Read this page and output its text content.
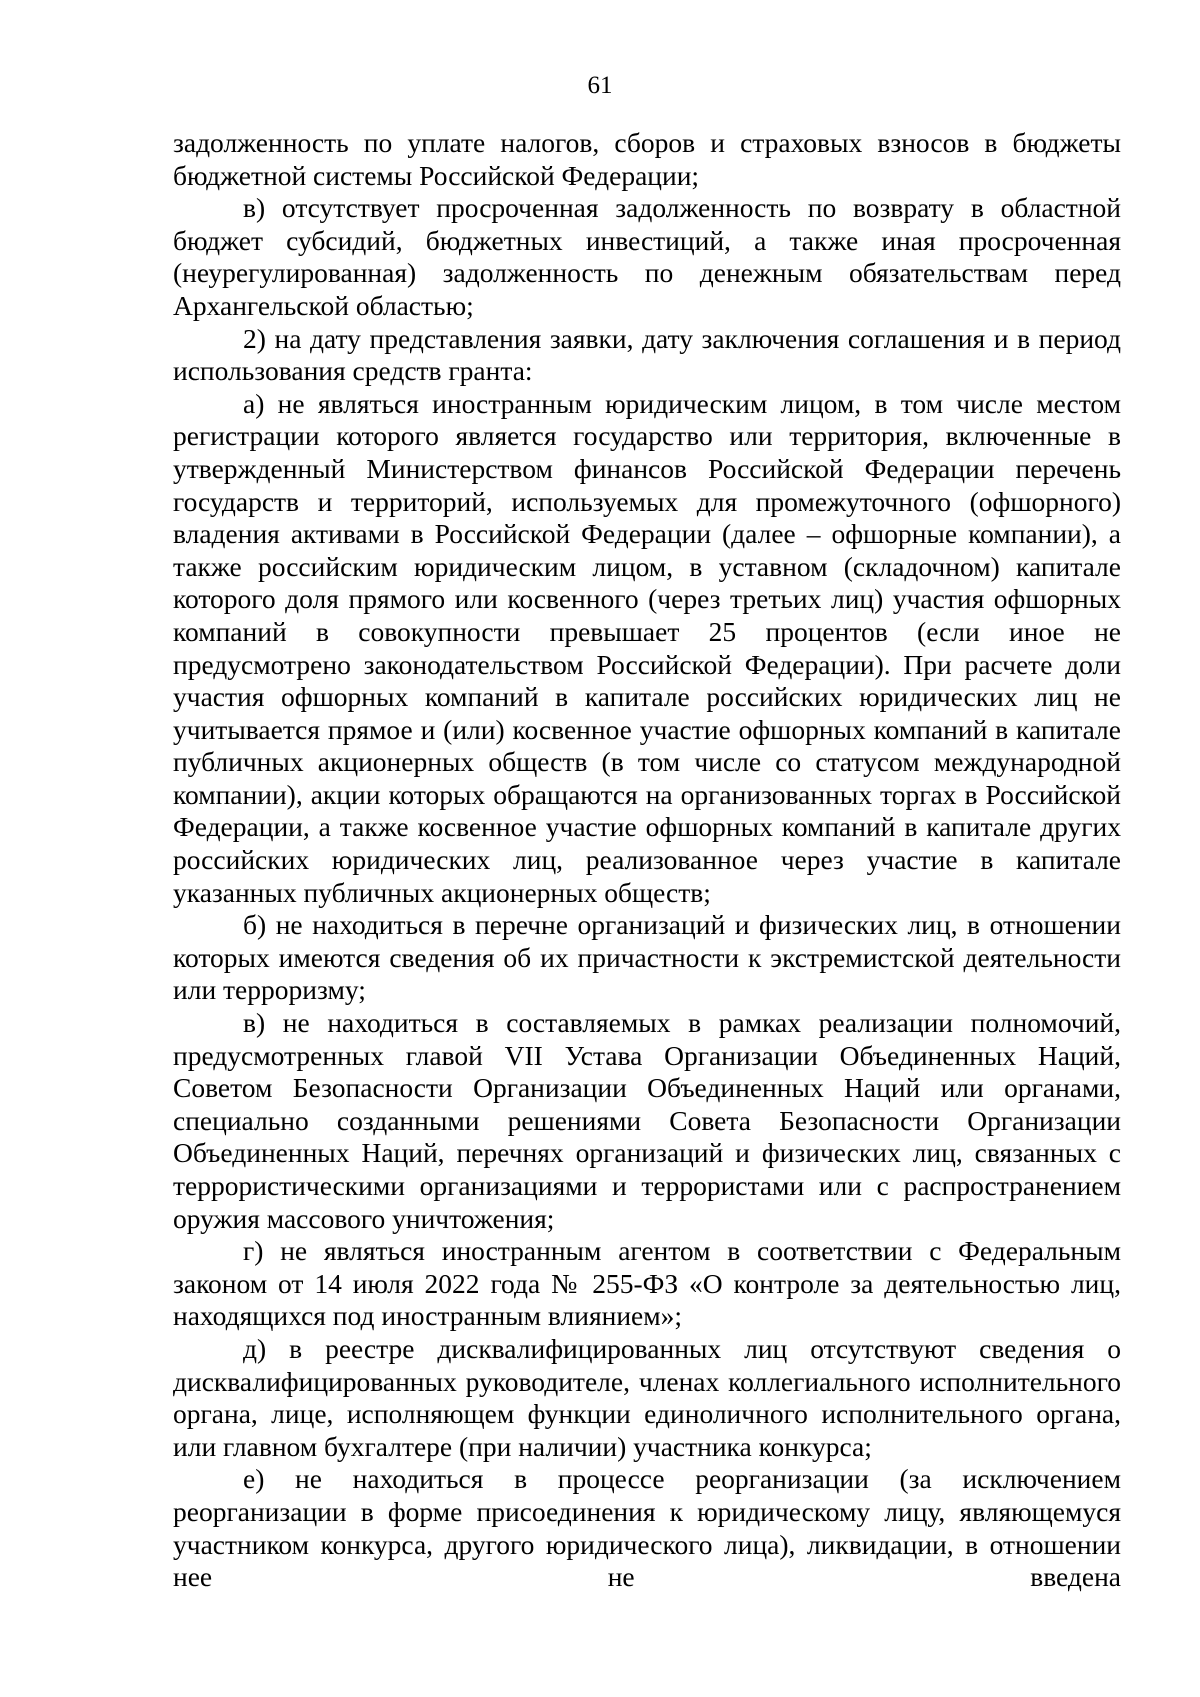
61

задолженность по уплате налогов, сборов и страховых взносов в бюджеты бюджетной системы Российской Федерации;

в) отсутствует просроченная задолженность по возврату в областной бюджет субсидий, бюджетных инвестиций, а также иная просроченная (неурегулированная) задолженность по денежным обязательствам перед Архангельской областью;

2) на дату представления заявки, дату заключения соглашения и в период использования средств гранта:

а) не являться иностранным юридическим лицом, в том числе местом регистрации которого является государство или территория, включенные в утвержденный Министерством финансов Российской Федерации перечень государств и территорий, используемых для промежуточного (офшорного) владения активами в Российской Федерации (далее – офшорные компании), а также российским юридическим лицом, в уставном (складочном) капитале которого доля прямого или косвенного (через третьих лиц) участия офшорных компаний в совокупности превышает 25 процентов (если иное не предусмотрено законодательством Российской Федерации). При расчете доли участия офшорных компаний в капитале российских юридических лиц не учитывается прямое и (или) косвенное участие офшорных компаний в капитале публичных акционерных обществ (в том числе со статусом международной компании), акции которых обращаются на организованных торгах в Российской Федерации, а также косвенное участие офшорных компаний в капитале других российских юридических лиц, реализованное через участие в капитале указанных публичных акционерных обществ;

б) не находиться в перечне организаций и физических лиц, в отношении которых имеются сведения об их причастности к экстремистской деятельности или терроризму;

в) не находиться в составляемых в рамках реализации полномочий, предусмотренных главой VII Устава Организации Объединенных Наций, Советом Безопасности Организации Объединенных Наций или органами, специально созданными решениями Совета Безопасности Организации Объединенных Наций, перечнях организаций и физических лиц, связанных с террористическими организациями и террористами или с распространением оружия массового уничтожения;

г) не являться иностранным агентом в соответствии с Федеральным законом от 14 июля 2022 года № 255-ФЗ «О контроле за деятельностью лиц, находящихся под иностранным влиянием»;

д) в реестре дисквалифицированных лиц отсутствуют сведения о дисквалифицированных руководителе, членах коллегиального исполнительного органа, лице, исполняющем функции единоличного исполнительного органа, или главном бухгалтере (при наличии) участника конкурса;

е) не находиться в процессе реорганизации (за исключением реорганизации в форме присоединения к юридическому лицу, являющемуся участником конкурса, другого юридического лица), ликвидации, в отношении нее не введена
